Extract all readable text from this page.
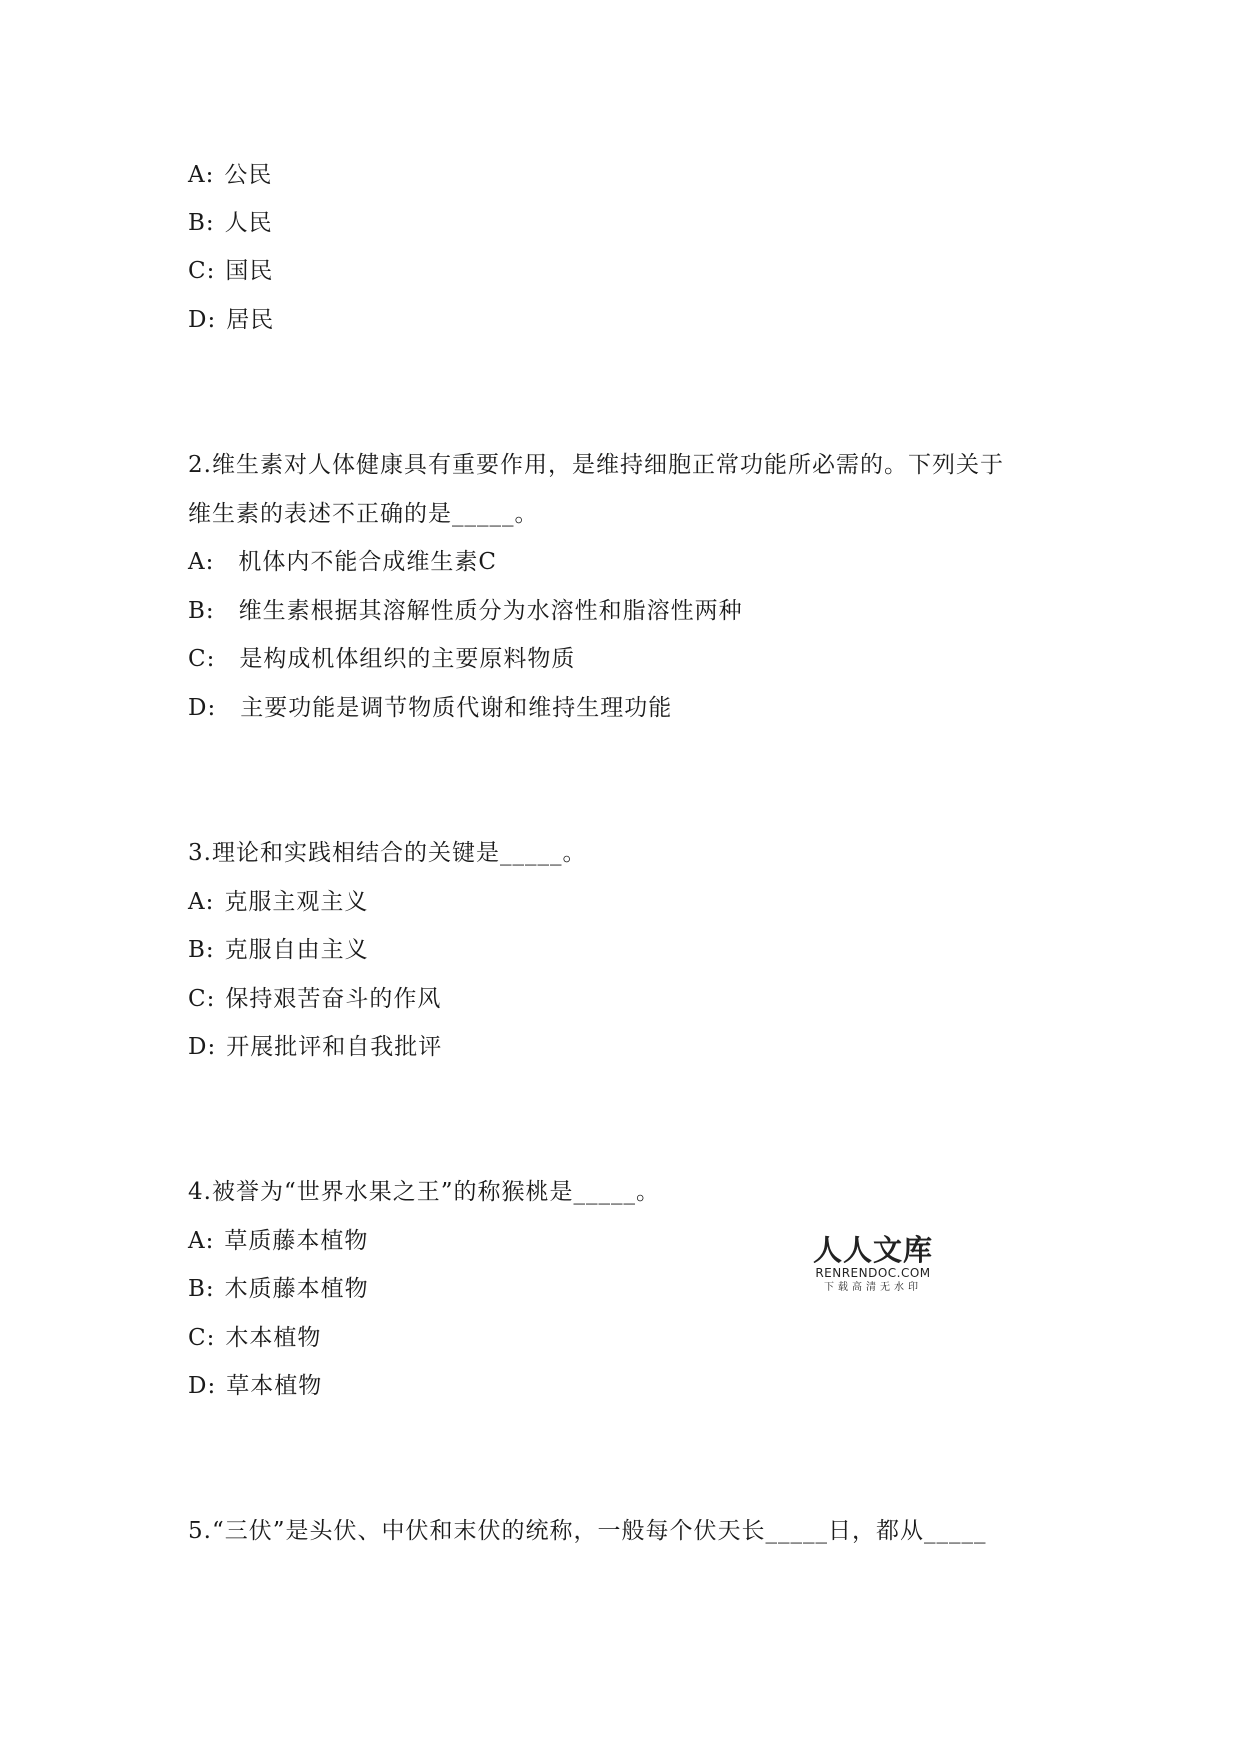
A: 公民
B: 人民
C: 国民
D: 居民
2.维生素对人体健康具有重要作用，是维持细胞正常功能所必需的。下列关于
维生素的表述不正确的是_____。
A: 机体内不能合成维生素C
B: 维生素根据其溶解性质分为水溶性和脂溶性两种
C: 是构成机体组织的主要原料物质
D: 主要功能是调节物质代谢和维持生理功能
3.理论和实践相结合的关键是_____。
A: 克服主观主义
B: 克服自由主义
C: 保持艰苦奋斗的作风
D: 开展批评和自我批评
4.被誉为“世界水果之王”的称猴桃是_____。
A: 草质藤本植物
B: 木质藤本植物
C: 木本植物
D: 草本植物
5.“三伏”是头伏、中伏和末伏的统称，一般每个伏天长_____日，都从_____
人人文库
RENRENDOC.COM
下载高清无水印
